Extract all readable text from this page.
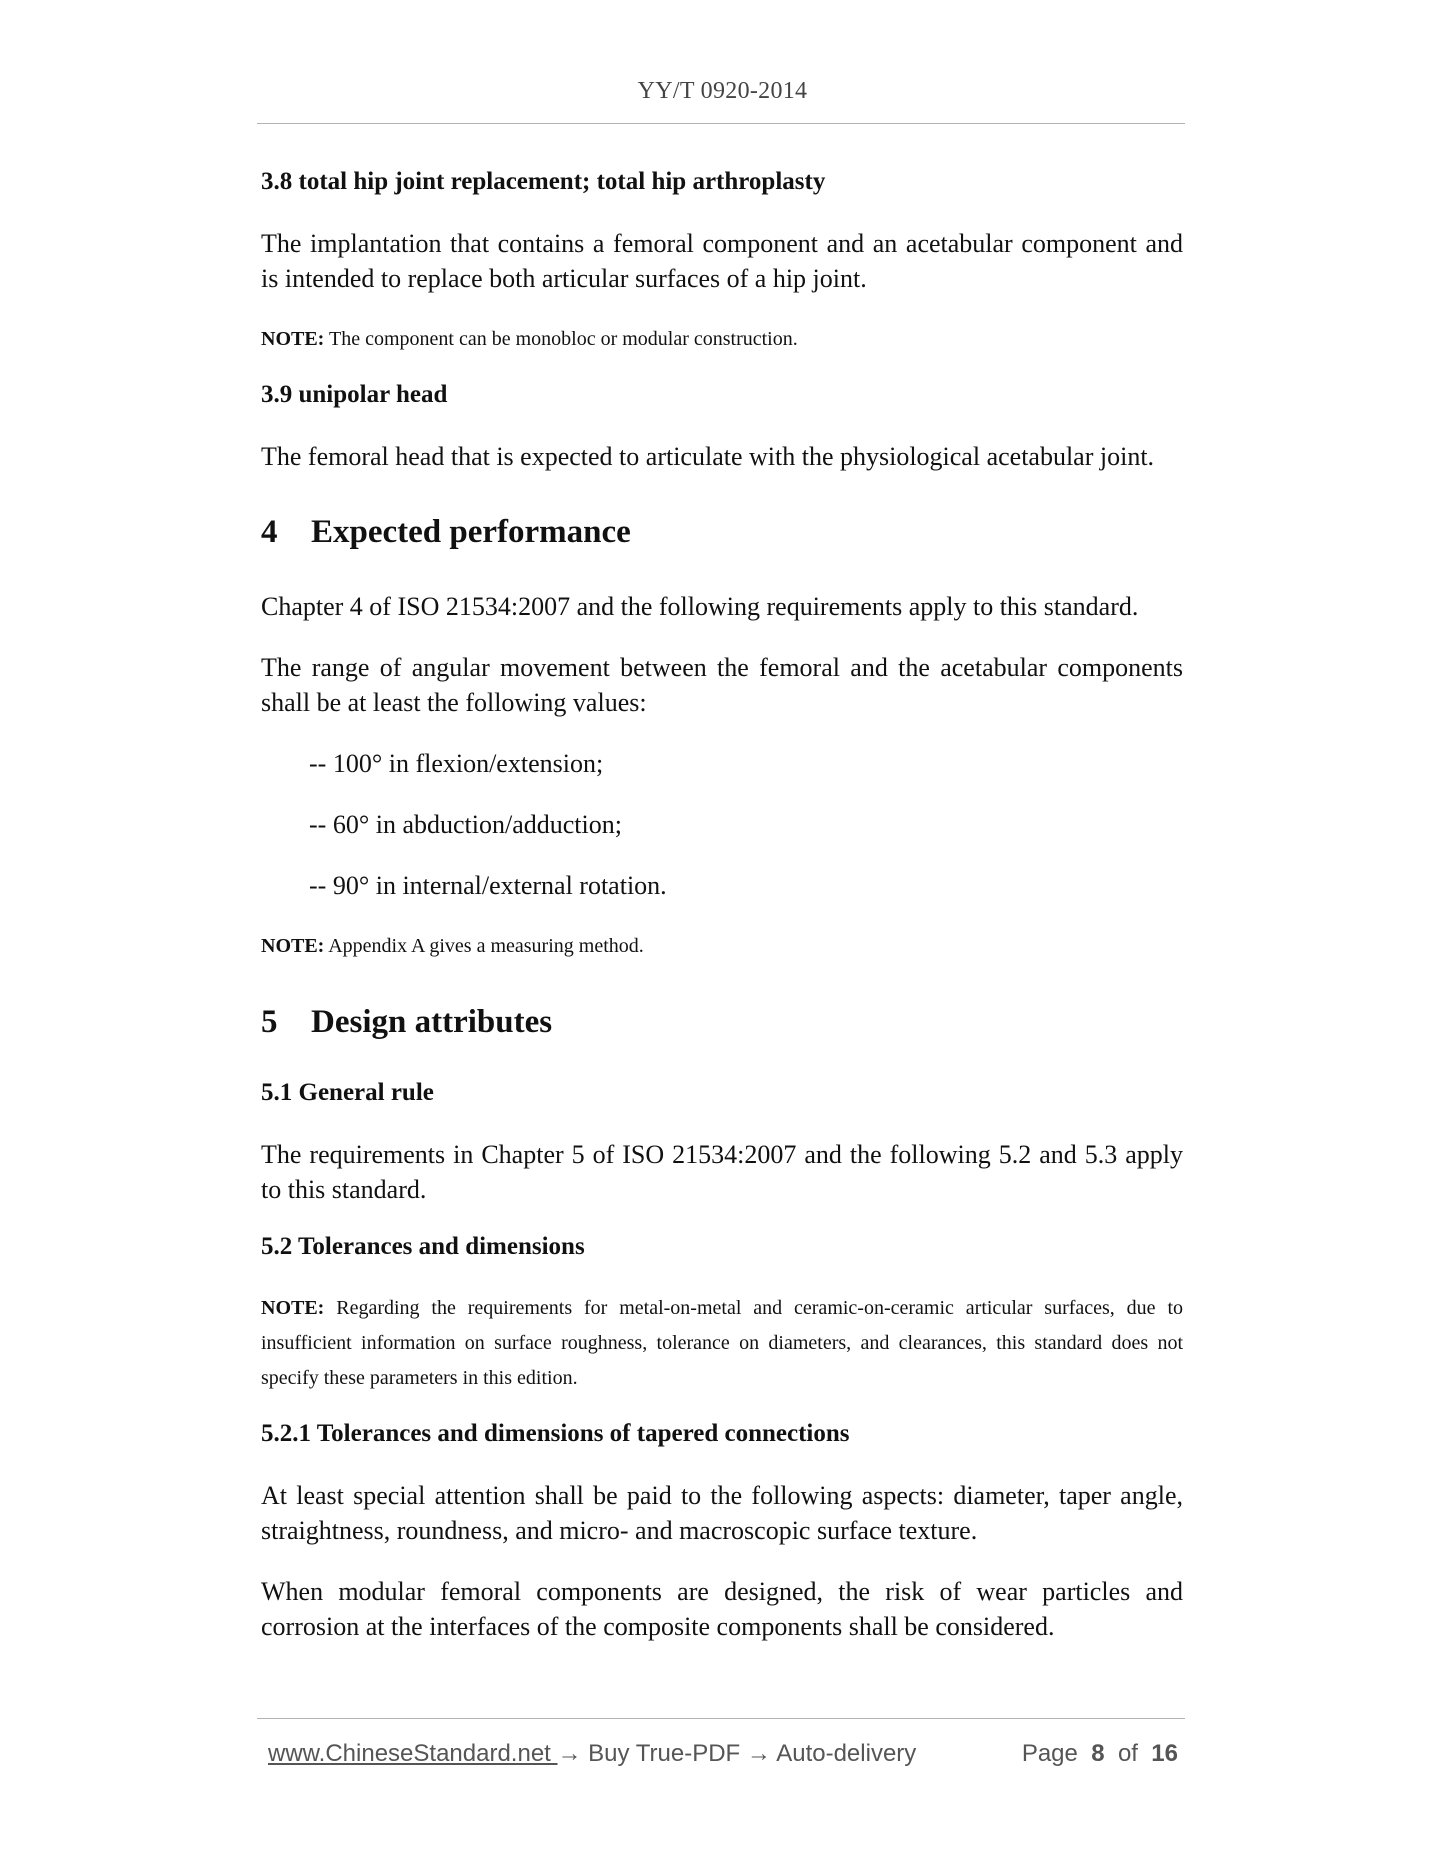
YY/T 0920-2014
3.8 total hip joint replacement; total hip arthroplasty

The implantation that contains a femoral component and an acetabular component and is intended to replace both articular surfaces of a hip joint.

NOTE: The component can be monobloc or modular construction.

3.9 unipolar head

The femoral head that is expected to articulate with the physiological acetabular joint.

4 Expected performance

Chapter 4 of ISO 21534:2007 and the following requirements apply to this standard.

The range of angular movement between the femoral and the acetabular components shall be at least the following values:

-- 100° in flexion/extension;

-- 60° in abduction/adduction;

-- 90° in internal/external rotation.

NOTE: Appendix A gives a measuring method.

5 Design attributes
5.1 General rule

The requirements in Chapter 5 of ISO 21534:2007 and the following 5.2 and 5.3 apply to this standard.

5.2 Tolerances and dimensions

NOTE: Regarding the requirements for metal-on-metal and ceramic-on-ceramic articular surfaces, due to insufficient information on surface roughness, tolerance on diameters, and clearances, this standard does not specify these parameters in this edition.

5.2.1 Tolerances and dimensions of tapered connections

At least special attention shall be paid to the following aspects: diameter, taper angle, straightness, roundness, and micro- and macroscopic surface texture.

When modular femoral components are designed, the risk of wear particles and corrosion at the interfaces of the composite components shall be considered.

www.ChineseStandard.net → Buy True-PDF → Auto-delivery	Page 8 of 16
